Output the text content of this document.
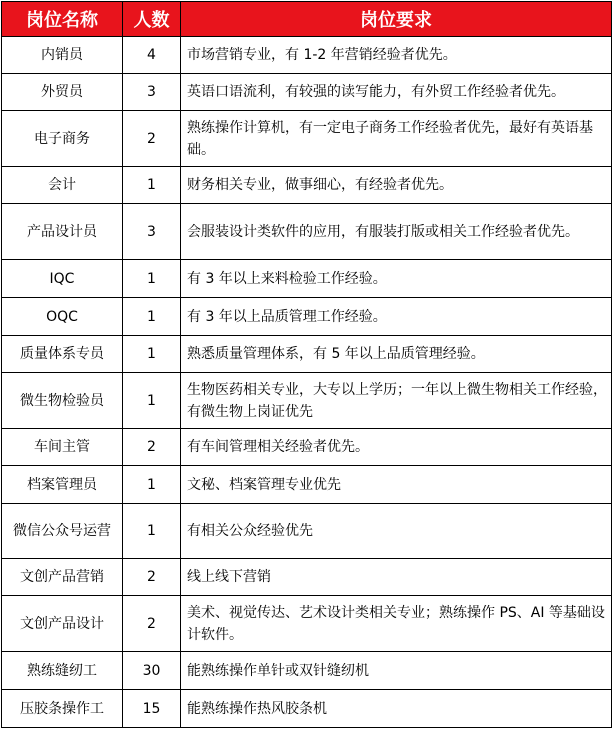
岗位名称	人数	岗位要求
内销员	4	市场营销专业，有 1-2 年营销经验者优先。
外贸员	3	英语口语流利，有较强的读写能力，有外贸工作经验者优先。
电子商务	2	熟练操作计算机，有一定电子商务工作经验者优先，最好有英语基础。
会计	1	财务相关专业，做事细心，有经验者优先。
产品设计员	3	会服装设计类软件的应用，有服装打版或相关工作经验者优先。
IQC	1	有 3 年以上来料检验工作经验。
OQC	1	有 3 年以上品质管理工作经验。
质量体系专员	1	熟悉质量管理体系，有 5 年以上品质管理经验。
微生物检验员	1	生物医药相关专业，大专以上学历；一年以上微生物相关工作经验，有微生物上岗证优先
车间主管	2	有车间管理相关经验者优先。
档案管理员	1	文秘、档案管理专业优先
微信公众号运营	1	有相关公众经验优先
文创产品营销	2	线上线下营销
文创产品设计	2	美术、视觉传达、艺术设计类相关专业；熟练操作 PS、AI 等基础设计软件。
熟练缝纫工	30	能熟练操作单针或双针缝纫机
压胶条操作工	15	能熟练操作热风胶条机
